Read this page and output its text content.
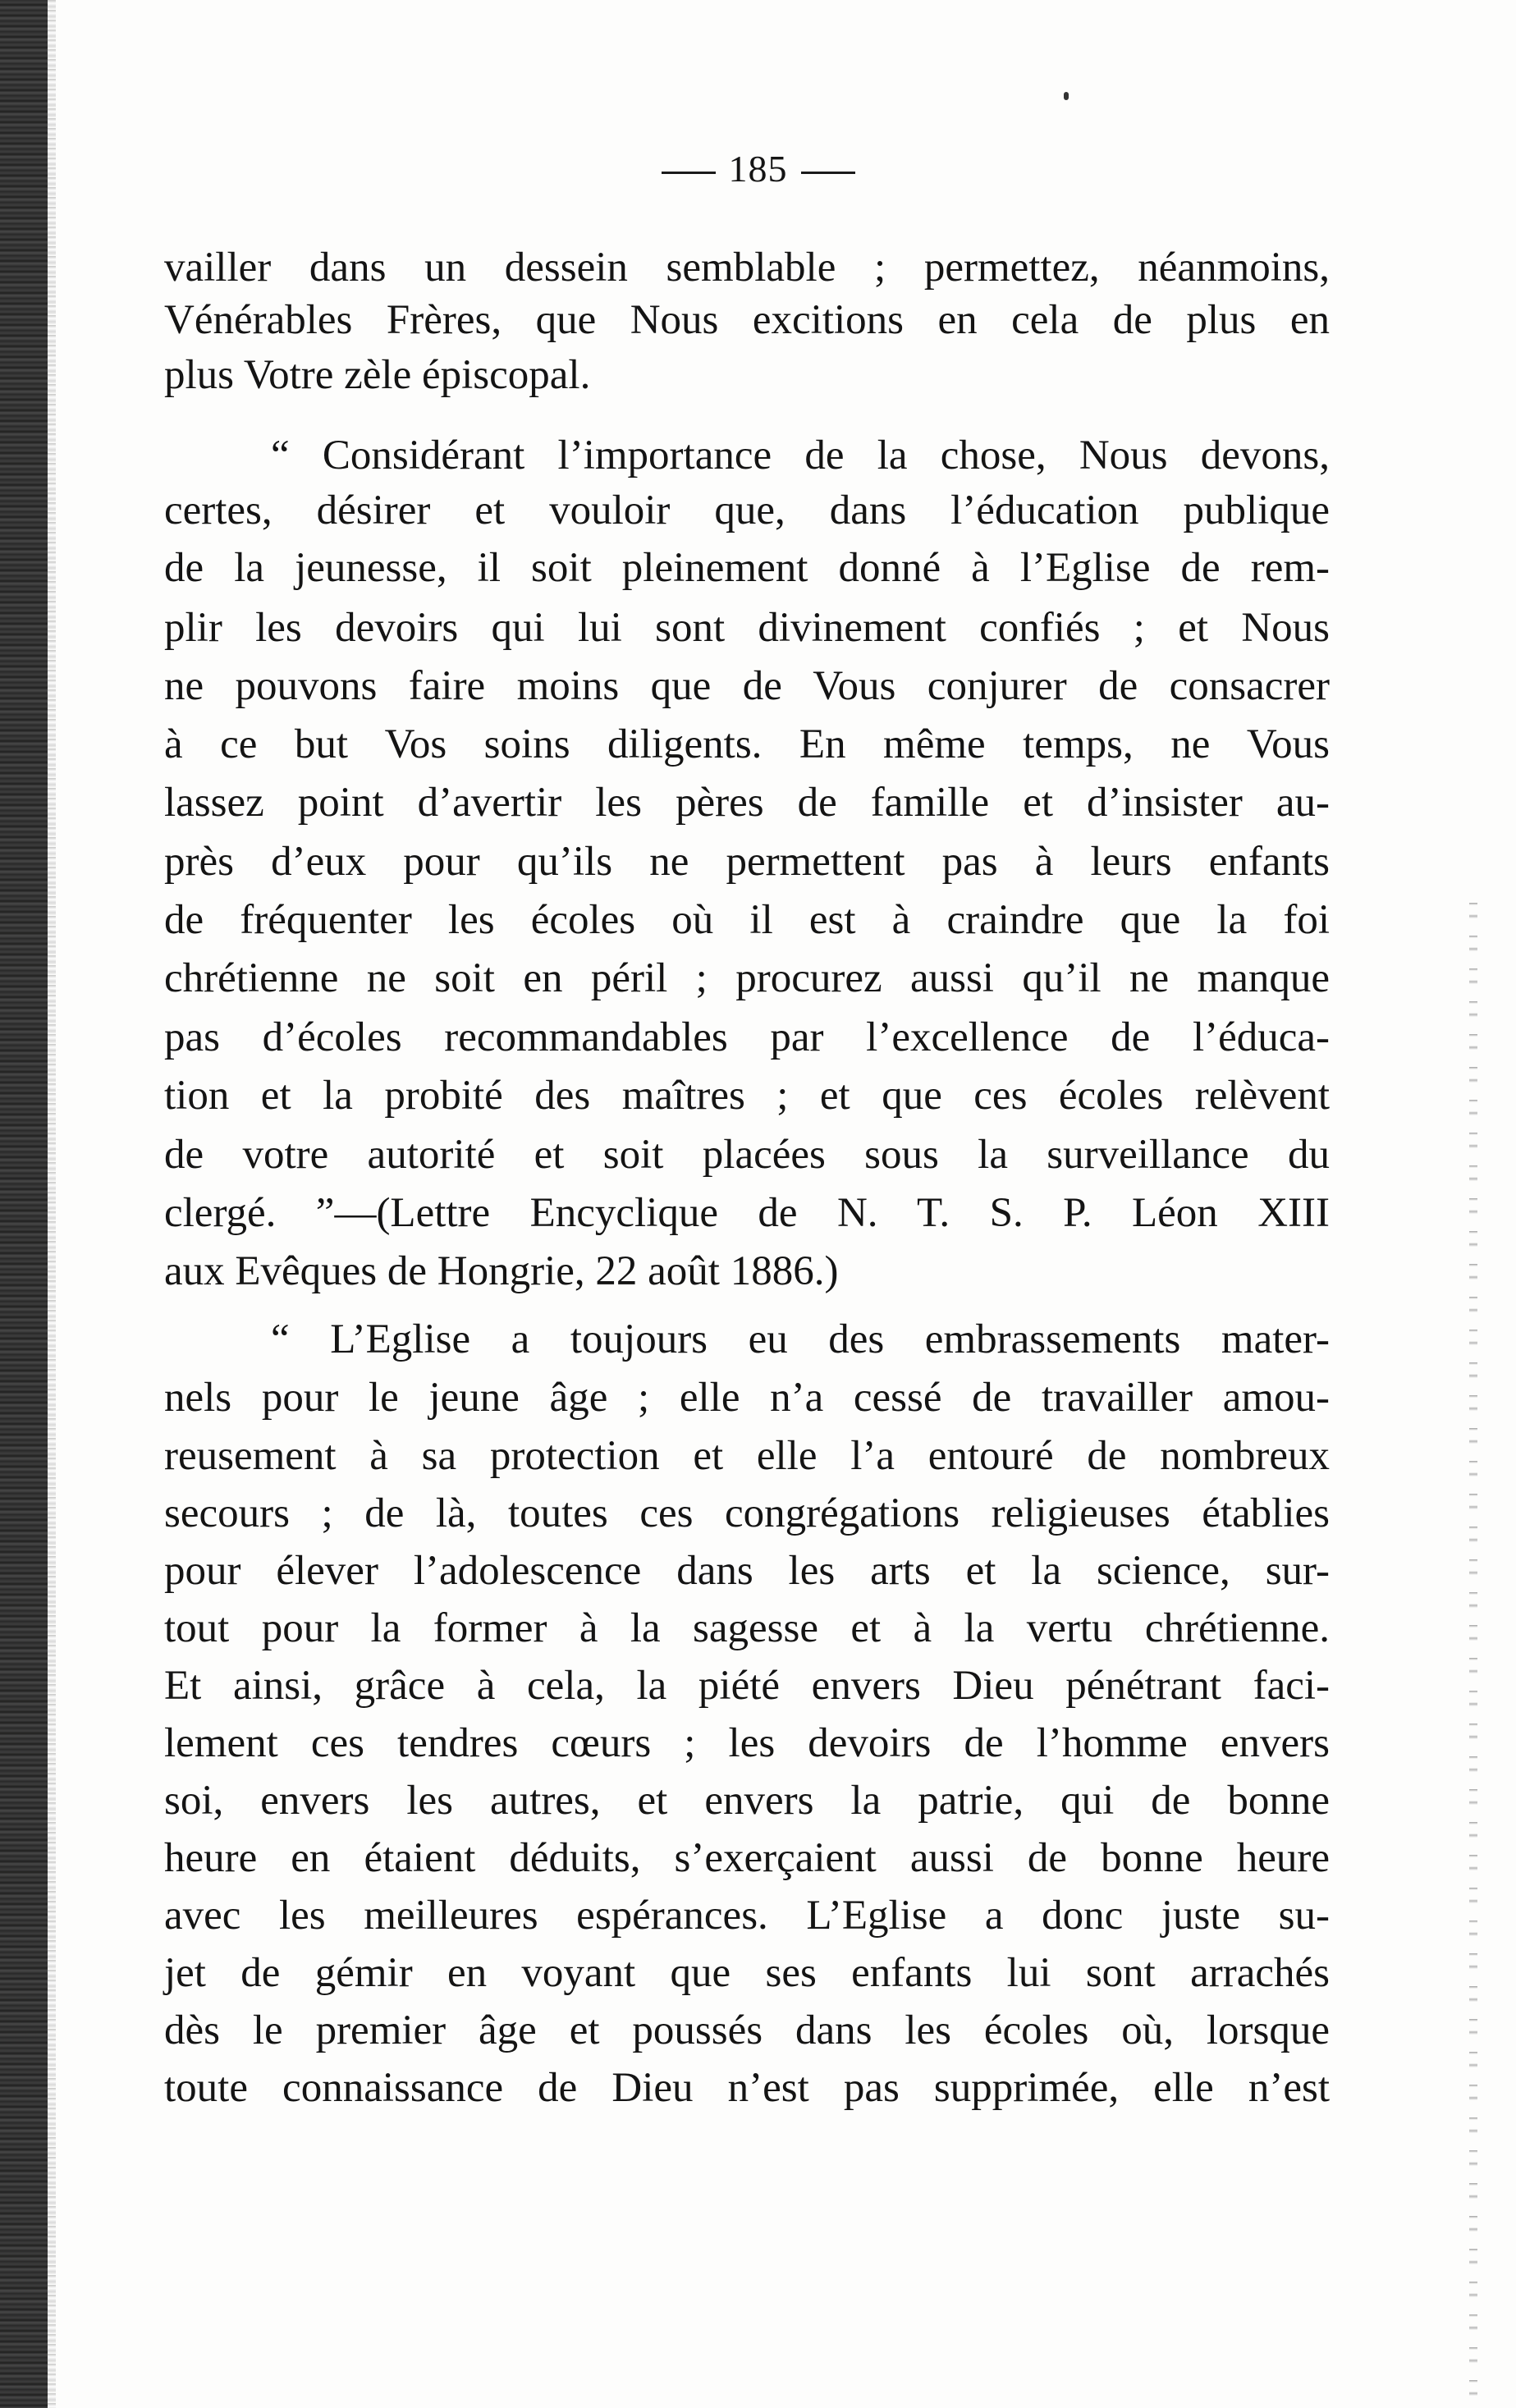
185
vailler dans un dessein semblable ; permettez, néanmoins,
Vénérables Frères, que Nous excitions en cela de plus en
plus Votre zèle épiscopal.
“ Considérant l’importance de la chose, Nous devons,
certes, désirer et vouloir que, dans l’éducation publique
de la jeunesse, il soit pleinement donné à l’Eglise de rem-
plir les devoirs qui lui sont divinement confiés ; et Nous
ne pouvons faire moins que de Vous conjurer de consacrer
à ce but Vos soins diligents. En même temps, ne Vous
lassez point d’avertir les pères de famille et d’insister au-
près d’eux pour qu’ils ne permettent pas à leurs enfants
de fréquenter les écoles où il est à craindre que la foi
chrétienne ne soit en péril ; procurez aussi qu’il ne manque
pas d’écoles recommandables par l’excellence de l’éduca-
tion et la probité des maîtres ; et que ces écoles relèvent
de votre autorité et soit placées sous la surveillance du
clergé. ”—(Lettre Encyclique de N. T. S. P. Léon XIII
aux Evêques de Hongrie, 22 août 1886.)
“ L’Eglise a toujours eu des embrassements mater-
nels pour le jeune âge ; elle n’a cessé de travailler amou-
reusement à sa protection et elle l’a entouré de nombreux
secours ; de là, toutes ces congrégations religieuses établies
pour élever l’adolescence dans les arts et la science, sur-
tout pour la former à la sagesse et à la vertu chrétienne.
Et ainsi, grâce à cela, la piété envers Dieu pénétrant faci-
lement ces tendres cœurs ; les devoirs de l’homme envers
soi, envers les autres, et envers la patrie, qui de bonne
heure en étaient déduits, s’exerçaient aussi de bonne heure
avec les meilleures espérances. L’Eglise a donc juste su-
jet de gémir en voyant que ses enfants lui sont arrachés
dès le premier âge et poussés dans les écoles où, lorsque
toute connaissance de Dieu n’est pas supprimée, elle n’est
